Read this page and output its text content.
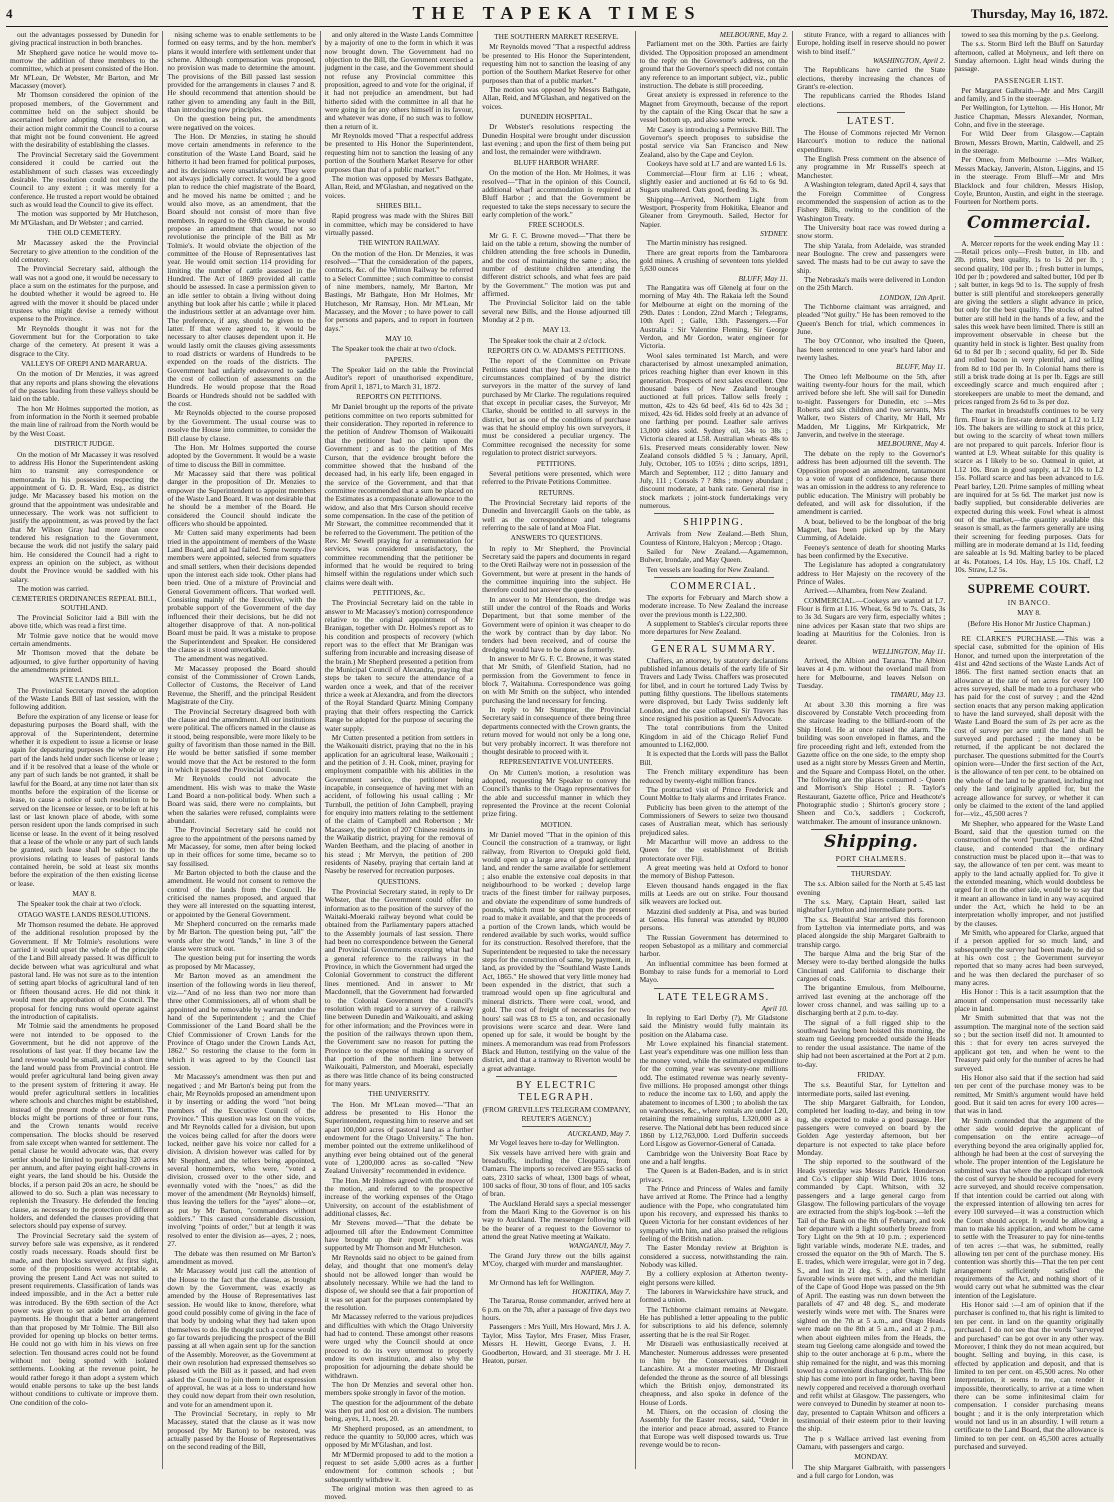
4	THE TAPEKA TIMES	Thursday, May 16, 1872.

out the advantages possessed by Dunedin for giving practical instruction in both branches.

Mr Shepherd gave notice he would move to-morrow the addition of three members to the committee, which at present consisted of the Hon. Mr M'Lean, Dr Webster, Mr Barton, and Mr Macassey (mover).

Mr Thomson considered the opinion of the proposed members, of the Government and committee held on the subject should be ascertained before adopting the resolution, as their action might commit the Council to a course that might not be found convenient. He agreed with the desirability of establishing the classes.

The Provincial Secretary said the Government considered it could be carried out the establishment of such classes was exceedingly desirable. The resolution could not commit the Council to any extent ; it was merely for a conference. He trusted a report would be obtained such as would lead the Council to give its effect.

The motion was supported by Mr Hutcheson, Mr M'Glashan, and Dr Webster ; and carried.

THE OLD CEMETERY.

Mr Macassey asked the the Provincial Secretary to give attention to the condition of the old cemetery.

The Provincial Secretary said, although the wall was not a good one, it would be necessary to place a sum on the estimates for the purpose, and he doubted whether it would be agreed to. He agreed with the mover it should be placed under trustees who might devise a remedy without expense to the Province.

Mr Reynolds thought it was not for the Government but for the Corporation to take charge of the cemetery. At present it was a disgrace to the City.

VALLEYS OF OREPI AND MARARUA.

On the motion of Dr Menzies, it was agreed that any reports and plans showing the elevations of the passes leading from these valleys should be laid on the table.

The hon Mr Holmes supported the motion, as from information in the North it seemed probable the main line of railroad from the North would be by the West Coast.

DISTRICT JUDGE.

On the motion of Mr Macassey it was resolved to address His Honor the Superintendent asking him to transmit any correspondence or memoranda in his possession respecting the appointment of G. D. R. Ward, Esq., as district judge. Mr Macassey based his motion on the ground that the appointment was undesirable and unnecessary. The work was not sufficient to justify the appointment, as was proved by the fact that Mr Wilson Gray had more than once tendered his resignation to the Government, because the work did not justify the salary paid him. He considered the Council had a right to express an opinion on the subject, as without doubt the Province would be saddled with his salary.

The motion was carried.

CEMETERIES ORDINANCES REPEAL BILL, SOUTHLAND.

The Provincial Solicitor laid a Bill with the above title, which was read a first time.

Mr Tolmie gave notice that he would move certain amendments.

Mr Thomson moved that the debate be adjourned, to give further opportunity of having the amendments printed.

WASTE LANDS BILL.

The Provincial Secretary moved the adoption of the Waste Lands Bill of last session, with the following addition.

Before the expiration of any license or lease for depasturing purposes the Board shall, with the approval of the Superintendent, determine whether it is expedient to issue a license or lease again for depasturing purposes the whole or any part of the lands held under such license or lease ; and if it be resolved that a lease of the whole or any part of such lands be not granted, it shall be lawful for the Board, at any time not later than six months before the expiration of the license or lease, to cause a notice of such resolution to be served on the licensee or lessee, or to be left at his last or last known place of abode, with some person resident upon the lands comprised in such license or lease. In the event of it being resolved that a lease of the whole or any part of such lands be granted, such lease shall be subject to the provisions relating to leases of pastoral lands contained herein, be sold at least six months before the expiration of the then existing license or lease.

MAY 8.

The Speaker took the chair at two o'clock.

OTAGO WASTE LANDS RESOLUTIONS.

Mr Thomson resumed the debate. He approved of the additional resolution proposed by the Government. If Mr Tolmie's resolutions were carried it would upset the whole of the principle of the Land Bill already passed. It was difficult to decide between what was agricultural and what pastoral land. He was not sure as to the intention of setting apart blocks of agricultural land of ten or fifteen thousand acres. He did not think it would meet the approbation of the Council. The proposal for fencing runs would operate against the introduction of capitalists.

Mr Tolmie said the amendments he proposed were not intended to be opposed to the Government, but he did not approve of the resolutions of last year. If they became law the land revenue would be small, and in a short time the land would pass from Provincial control. He would prefer agricultural land being given away to the present system of frittering it away. He would prefer agricultural settlers in localities where schools and churches might be established, instead of the present mode of settlement. The blocks might be portions of three or four runs, and the Crown tenants would receive compensation. The blocks should be reserved from sale except when wanted for settlement. The penal clause he would advocate was, that every settler should be limited to purchasing 320 acres per annum, and after paying eight half-crowns in eight years, the land should be his. Outside the blocks, if a person paid 20s an acre, he should be allowed to do so. Such a plan was necessary to replenish the Treasury. He defended the fencing clause, as necessary to the protection of different holders, and defended the clauses providing that selectors should pay expense of survey.

The Provincial Secretary said the system of survey before sale was expensive, as it rendered costly roads necessary. Roads should first be made, and then blocks surveyed. At first sight, some of the propositions were acceptable, as proving the present Land Act was not suited to present requirements. Classification of lands was indeed impossible, and in the Act a better rule was introduced. By the 69th section of the Act power was given to set aside land on deferred payments. He thought that a better arrangement than that proposed by Mr Tolmie. The Bill also provided for opening up blocks on better terms. He could not go with him in his views on free selection. Ten thousand acres could not be found without not being spotted with isolated settlements. Looking at the revenue point, he would rather forego it than adopt a system which would enable persons to take up the best lands without conditions to cultivate or improve them. One condition of the colo-

nising scheme was to enable settlements to be formed on easy terms, and by the hon. member's plans it would interfere with settlement under that scheme. Although compensation was proposed, no provision was made to determine the amount. The provisions of the Bill passed last session provided for the arrangements in clauses 7 and 8. He should recommend that attention should be rather given to amending any fault in the Bill, than introducing new principles.

On the question being put, the amendments were negatived on the voices.

The Hon. Dr Menzies, in stating he should move certain amendments in reference to the constitution of the Waste Land Board, said he hitherto it had been framed for political purposes, and its decisions were unsatisfactory. They were not always judicially correct. It would be a good plan to reduce the chief magistrate of the Board, and he moved his name be omitted ; and he would also move, as an amendment, that the Board should not consist of more than five members. In regard to the 69th clause, he would propose an amendment that would not so revolutionise the principle of the Bill as Mr Tolmie's. It would obviate the objection of the committee of the House of Representatives last year. He would omit section 114 providing for limiting the number of cattle assessed in the Hundred. The Act of 1869 provided all cattle should be assessed. In case a permission given to an idle settler to obtain a living without doing anything but look after his cattle ; while it placed the industrious settler at an advantage over him. The preference, if any, should be given to the latter. If that were agreed to, it would be necessary to alter clauses dependent upon it. He would lastly omit the clauses giving assessments to road districts or wardens of Hundreds to be expended on the roads of the districts. The Government had unfairly endeavored to saddle the cost of collection of assessments on the Hundreds. He would propose that the Road Boards or Hundreds should not be saddled with the cost.

Mr Reynolds objected to the course proposed by the Government. The usual course was to resolve the House into committee, to consider the Bill clause by clause.

The Hon. Mr Holmes supported the course adopted by the Government. It would be a waste of time to discuss the Bill in committee.

Mr Macassey said that there was political danger in the proposition of Dr. Menzies to empower the Superintendent to appoint members of the Waste Land Board. It was not desirable that he should be a member of the Board. He considered the Council should indicate the officers who should be appointed.

Mr Cutten said many experiments had been tried in the appointment of members of the Waste Land Board, and all had failed. Some twenty-five members were appointed, selected from squatters and small settlers, when their decisions depended upon the interest each side took. Other plans had been tried. One of a mixture of Provincial and General Government officers. That worked well. Consisting mainly of the Executive, with the probable support of the Government of the day influenced their their decisions, but he did not altogether disapprove of that. A non-political Board must be paid. It was a mistake to propose the Superintendent and Speaker. He considered the clause as it stood unworkable.

The amendment was negatived.

Mr Macassey proposed the Board should consist of the Commissioner of Crown Lands, Collector of Customs, the Receiver of Land Revenue, the Sheriff, and the principal Resident Magistrate of the City.

The Provincial Secretary disagreed both with the clause and the amendment. All our institutions were political. The officers named in the clause as it stood, being responsible, were more likely to be guilty of favoritism than those named in the Bill. He would be better satisfied if some member would move that the Act be restored to the form in which it passed the Provincial Council.

Mr Reynolds could not advocate the amendment. His wish was to make the Waste Land Board a non-political body. When such a Board was said, there were no complaints, but when the salaries were refused, complaints were abundant.

The Provincial Secretary said he could not agree to the appointment of the persons named by Mr Macassey, for some, men after being locked up in their offices for some time, became so to say fossilised.

Mr Barton objected to both the clause and the amendment. He would not consent to remove the control of the lands from the Council. He criticised the names proposed, and argued that they were all interested on the squatting interest, or appointed by the General Government.

Mr Shepherd concurred on the remarks made by Mr Barton. The question being put, "all" the words after the word "lands," in line 3 of the clause were struck out.

The question being put for inserting the words as proposed by Mr Macassey,

Mr Barton moved as an amendment the insertion of the following words in lieu thereof, viz—"And of no less than two nor more than three other Commissioners, all of whom shall be appointed and be removable by warrant under the hand of the Superintendent ; and the Chief Commissioner of the Land Board shall be the Chief Commissioner of Crown Lands for the Province of Otago under the Crown Lands Act, 1862." So restoring the clause to the form in which it was agreed to by the Council last session.

Mr Macassey's amendment was then put and negatived ; and Mr Barton's being put from the chair, Mr Reynolds proposed an amendment upon it by inserting or adding the word "not being members of the Executive Council of the Province." This question was lost on the voices, and Mr Reynolds called for a division, but upon the voices being called for after the doors were locked, neither gave his voice nor called for a division. A division however was called for by Mr Shepherd, and the tellers being appointed, several honmembers, who were, "voted a division, crossed over to the other side, and eventually voted with the "noes," as did the mover of the amendment (Mr Reynolds) himself, thus leaving the tellers for the "ayes" alone—or, as put by Mr Barton, "commanders without soldiers." This caused considerable discussion, involving "points of order," but at length it was resolved to enter the division as—ayes, 2 ; noes, 27.

The debate was then resumed on Mr Barton's amendment as moved.

Mr Macassey would just call the attention of the House to the fact that the clause, as brought down by the Government, was exactly as amended by the House of Representatives last session. He would like to know, therefore, what good could possibly come of giving in the face of that body by undoing what they had taken upon themselves to do. He thought such a course would go far towards prejudicing the prospect of the Bill passing at all when again sent up for the sanction of the Assembly. Moreover, as the Government at their own resolution had expressed themselves so pleased with the Bill as it passed, and had even asked the Council to join them in that expression of approval, he was at a loss to understand how they could now depart from their own resolution, and vote for an amendment upon it.

The Provincial Secretary, in reply to Mr Macassey, stated that the clause as it was now proposed (by Mr Barton) to be restored, was actually passed by the House of Representatives on the second reading of the Bill,

and only altered in the Waste Lands Committee by a majority of one to the form in which it was now brought down. The Government had no objection to the Bill, the Government exercised a judgment in the case, and the Government should not refuse any Provincial committee this proposition, agreed to and vote for the original, if it had not prejudice an amendment, but had hitherto sided with the committee in all that he were going in for any others himself in its favour, and whatever was done, if no such was to follow then a return of it.

Mr Reynolds moved "That a respectful address be presented to His Honor the Superintendent, requesting him not to sanction the leasing of any portion of the Southern Market Reserve for other purposes than that of a public market."

The motion was opposed by Messrs Bathgate, Allan, Reid, and M'Glashan, and negatived on the voices.

SHIRES BILL.

Rapid progress was made with the Shires Bill in committee, which may be considered to have virtually passed.

THE WINTON RAILWAY.

On the motion of the Hon. Dr Menzies, it was resolved—"That the consideration of the papers, contracts, &c. of the Winton Railway be referred to a Select Committee ; such committee to consist of nine members, namely, Mr Barton, Mr Bastings, Mr Bathgate, Hon Mr Holmes, Mr Hutcheson, Mr Ramsay, Hon. Mr M'Lean, Mr Macassey, and the Mover ; to have power to call for persons and papers, and to report in fourteen days."

MAY 10.

The Speaker took the chair at two o'clock.

PAPERS.

The Speaker laid on the table the Provincial Auditor's report of unauthorised expenditure, from April 1, 1871, to March 31, 1872.

REPORTS ON PETITIONS.

Mr Daniel brought up the reports of the private petitions committee on two reports submitted for their consideration. They reported in reference to the petition of Andrew Thomson of Waikouaiti that the petitioner had no claim upon the Government ; and as to the petition of Mrs Curson, that the evidence brought before the committee showed that the husband of the deceased had, in his early life, been engaged in the service of the Government, and that that committee recommended that a sum be placed on the Estimates as a compassionate allowance to the widow, and also that Mrs Curson should receive some compensation. In the case of the petition of Mr Stewart, the committee recommended that it be referred to the Government. The petition of the Rev. Mr Sewell praying for a remuneration for services, was considered unsatisfactory, the committee recommending that the petitioner be informed that he would be required to bring himself within the regulations under which such claims were dealt with.

PETITIONS, &c.

The Provincial Secretary laid on the table in answer to Mr Macassey's motion) correspondence relative to the original appointment of Mr Branigan, together with Dr. Holmes's report as to his condition and prospects of recovery (which report was to the effect that Mr Branigan was suffering from incurable and increasing disease of the brain.) Mr Shepherd presented a petition from the Municipal Council of Alexandra, praying that steps be taken to secure the attendance of a warden once a week, and that of the receiver thrice a week at Alexandra, and from the directors of the Royal Standard Quartz Mining Company praying that their offers respecting the Carrick Range be adopted for the purpose of securing the water supply.

Mr Cutten presented a petition from settlers in the Waikouaiti district, praying that no the in his application for an agricultural lease, Waikouaiti ; and the petition of J. H. Cook, miner, praying for employment compatible with his abilities in the Government service, the petitioner being incapable, in consequence of having met with an accident, of following his usual calling ; Mr Turnbull, the petition of John Campbell, praying for enquiry into matters relating to the settlement of the claim of Campbell and Robertson ; Mr Macassey, the petition of 207 Chinese residents in the Waikatip district, praying for the removal of Warden Beetham, and the placing of another in his stead ; Mr Mervyn, the petition of 200 residents of Naseby, praying that certain land at Naseby be reserved for recreation purposes.

QUESTIONS.

The Provincial Secretary stated, in reply to Dr Webster, that the Government could offer no information as to the position of the survey of the Waitaki-Moeraki railway beyond what could be obtained from the Parliamentary papers attached to the Assembly journals of last session. There had been no correspondence between the General and Provincial Governments excepting what had a general reference to the railways in the Province, in which the Government had urged the Colonial Government to construct the different lines mentioned. And in answer to Mr Macdonnell, that the Government had forwarded to the Colonial Government the Council's resolution with regard to a survey of a railway line between Dunedin and Waikouaiti, and asking for other information; and the Provinces were in the position of the railways thrown upon them, the Government saw no reason for putting the Province to the expense of making a survey of that portion of the northern line between Waikouaiti, Palmerston, and Moeraki, especially as there was little chance of its being constructed for many years.

THE UNIVERSITY.

The Hon. Mr M'Lean moved—"That an address be presented to His Honor the Superintendent, requesting him to reserve and set apart 100,000 acres of pastoral land as a further endowment for the Otago University." The hon. member pointed out the extreme unlikelihood of anything ever being obtained out of the general vote of 1,200,000 acres as so-called "New Zealand University" recommended in evidence.

The Hon. Mr Holmes agreed with the mover of the motion, and referred to the prospective increase of the working expenses of the Otago University, on account of the establishment of additional classes, &c.

Mr Stevens moved—"That the debate be adjourned till after the Endowment Committee have brought up their report," which was supported by Mr Thomson and Mr Hutcheson.

Mr Reynolds said no object to be gained from delay, and thought that one moment's delay should not be allowed longer than would be absolutely necessary. While we had the land to dispose of, we should see that a fair proportion of it was set apart for the purposes contemplated by the resolution.

Mr Macassey referred to the various prejudices and difficulties with which the Otago University had had to contend. These amongst other reasons were urged why the Council should at once proceed to do its very uttermost to properly endow its own institution, and also why the proposition for adjourning the debate should be withdrawn.

The hon Dr Menzies and several other hon. members spoke strongly in favor of the motion.

The question for the adjournment of the debate was then put and lost on a division. The numbers being, ayes, 11, noes, 20.

Mr Shepherd proposed, as an amendment, to reduce the quantity to 50,000 acres, which was opposed by Mr M'Glashan, and lost.

Mr M'Dermid proposed to add to the motion a request to set aside 5,000 acres as a further endowment for common schools ; but subsequently withdrew it.

The original motion was then agreed to as moved.

THE SOUTHERN MARKET RESERVE.

Mr Reynolds moved "That a respectful address be presented to His Honor the Superintendent, requesting him not to sanction the leasing of any portion of the Southern Market Reserve for other purposes than that of a public market."

The motion was opposed by Messrs Bathgate, Allan, Reid, and M'Glashan, and negatived on the voices.

DUNEDIN HOSPITAL.

Dr Webster's resolutions respecting the Dunedin Hospital were brought under discussion last evening ; and upon the first of them being put and lost, the remainder were withdrawn.

BLUFF HARBOR WHARF.

On the motion of the Hon. Mr Holmes, it was resolved—"That in the opinion of this Council, additional wharf accommodation is required at Bluff Harbor ; and that the Government be requested to take the steps necessary to secure the early completion of the work."

FREE SCHOOLS.

Mr G. F. C. Browne moved—"That there be laid on the table a return, showing the number of children attending the free schools in Dunedin, and the cost of maintaining the same ; also, the number of destitute children attending the different district schools, and what fees are paid by the Government." The motion was put and affirmed.

The Provincial Solicitor laid on the table several new Bills, and the House adjourned till Monday at 2 p m.

MAY 13.

The Speaker took the chair at 2 o'clock.

REPORTS ON O. W. ADAMS'S PETITIONS.

The report of the Committee on Private Petitions stated that they had examined into the circumstances complained of by the district surveyors in the matter of the survey of land purchased by Mr Clarke. The regulations required that except in peculiar cases, the Surveyor, Mr Clarke, should be entitled to all surveys in the district, but as one of the conditions of purchase was that he should employ his own surveyors, it must be considered a peculiar urgency. The Committee recognised the necessity for some regulation to protect district surveyors.

PETITIONS.

Several petitions were presented, which were referred to the Private Petitions Committee.

RETURNS.

The Provincial Secretary laid reports of the Dunedin and Invercargill Gaols on the table, as well as the correspondence and telegrams referring to the sale of land at Moa Flat.

ANSWERS TO QUESTIONS.

In reply to Mr Shepherd, the Provincial Secretary said the papers and documents in regard to the Oreti Railway were not in possession of the Government, but were at present in the hands of the committee inquiring into the subject. He therefore could not answer the question.

In answer to Mr Henderson, the dredge was still under the control of the Roads and Works Department, but that some member of the Government were of opinion it was cheaper to do the work by contract than by day labor. No tenders had been received, and of course the dredging would have to be done as formerly.

In answer to Mr G. F. C. Browne, it was stated that Mr Smith, of Glenfield Station, had no permission from the Government to fence in block 7, Waitahuna. Correspondence was going on with Mr Smith on the subject, who intended purchasing the land necessary for fencing.

In reply to Mr Stumpter, the Provincial Secretary said in consequence of there being three departments connected with the Crown grants, the return moved for would not only be a long one, but very probably incorrect. It was therefore not thought desirable to proceed with it.

REPRESENTATIVE VOLUNTEERS.

On Mr Cutten's motion, a resolution was adopted, requesting Mr Speaker to convey the Council's thanks to the Otago representatives for the able and successful manner in which they represented the Province at the recent Colonial prize firing.

MOTION.

Mr Daniel moved "That in the opinion of this Council the construction of a tramway, or light railway, from Riverton to Orepuki gold field, would open up a large area of good agricultural land, and render the same available for settlement ; also enable the extensive coal deposits in that neighbourhood to be worked ; develop large tracts of the finest timber for railway purposes, and obviate the expenditure of some hundreds of pounds, which must be spent upon the present road to make it available, and that the proceeds of a portion of the Crown lands, which would be rendered available by such works, would suffice for its construction. Resolved therefore, that the Superintendent be requested to take the necessary steps for the construction of same, by payment, in land, as provided by the "Southland Waste Lands Act, 1865." He showed that very little money had been expended in the district, that such a tramroad would open up fine agricultural and mineral districts. There were coal, wood, and gold. The cost of freight of necessaries for two hours' sail was £8 to £5 a ton, and occasionally provisions were scarce and dear. Were land opened up for sale, it would be bought by the miners. A memorandum was read from Professors Black and Hutton, testifying on the value of the district, and that a tramway to Riverton would be a great advantage.

BY ELECTRIC TELEGRAPH.
(FROM GREVILLE'S TELEGRAM COMPANY, REUTER'S AGENCY.)

AUCKLAND, May 7.

Mr Vogel leaves here to-day for Wellington.

Six vessels have arrived here with grain and breadstuffs, including the Cleopatra, from Oamaru. The imports so received are 955 sacks of oats, 2310 sacks of wheat, 1300 bags of wheat, 100 sacks of flour, 30 tons of flour, and 105 sacks of bran.

The Auckland Herald says a special messenger from the Maori King to the Governor is on his way to Auckland. The messenger following will be the bearer of a request to the Governor to attend the great Native meeting at Waikato.

WANGANUI, May 7.

The Grand Jury threw out the bills against M'Coy, charged with murder and manslaughter.

NAPIER, May 7.

Mr Ormond has left for Wellington.

HOKITIKA, May 7.

The Tararua, Rouse commander, arrived here at 6 p.m. on the 7th, after a passage of five days two hours.

Passengers : Mrs Yuill, Mrs Howard, Mrs J. A. Taylor, Miss Taylor, Mrs Fraser, Miss Fraser, Messrs H. Hewitt, George Evans, J. H. Goodberton, Howard, and 31 steerage. Mr J. H. Heaton, purser.

MELBOURNE, May 2.

Parliament met on the 30th. Parties are fairly divided. The Opposition proposed an amendment to the reply on the Governor's address, on the ground that the Governor's speech did not contain any reference to an important subject, viz., public instruction. The debate is still proceeding.

Great anxiety is expressed in reference to the Magnet from Greymouth, because of the report by the captain of the King Oscar that he saw a vessel bottom up, and also some wreck.

Mr Casey is introducing a Permissive Bill. The Governor's speech proposes to subsidise the postal service via San Francisco and New Zealand, also by the Cape and Ceylon.

Cookeys have sold at L7 and are wanted L6 1s.

Commercial—Flour firm at L16 ; wheat, slightly easier and auctioned at 6s 6d to 6s 9d. Sugars unaltered. Oats good, feeding 3s.

Shipping—Arrived, Northern Light from Westport, Prosperity from Hokitika, Eleanor and Gleaner from Greymouth. Sailed, Hector for Napier.

SYDNEY.

The Martin ministry has resigned.

There are great reports from the Tambaroora gold mines. A crushing of seventeen tons yielded 5,630 ounces

BLUFF, May 11.

The Rangatira was off Glenelg at four on the morning of May 4th. The Rakaia left the Sound for Melbourne at eight on the morning of the 29th. Dates : London, 22nd March ; Telegrams, 10th April ; Galle, 13th. Passengers.—For Australia : Sir Valentine Fleming, Sir George Verdon, and Mr Gordon, water engineer for Victoria.

Wool sales terminated 1st March, and were characterised by almost unexampled animation, prices reaching higher than ever known in this generation. Prospects of next sales excellent. One thousand bales of New Zealand brought auctioned at full prices. Tallow sells freely ; mutton, 42s to 42s 6d beef, 41s 6d to 42s 3d ; mixed, 42s 6d. Hides sold freely at an advance of one farthing per pound. Leather sale arrives 13,000 sides sold. Sydney oil, 34s to 38s ; Victoria cleared at L58. Australian wheats 48s to 61s. Preserved meats considerably lower. New Zealand consols diddled 5 ¾ ; January, April, July, October, 105 to 105¼ ; ditto scrips, 1891, March and September, 112 ; ditto January and July, 111 ; Consols 7 ? 8ths ; money abundant ; discount moderate, at bank rate. General rise in stock markets ; joint-stock fundertakings very numerous.

SHIPPING.

Arrivals from New Zealand.—Beth Shun, Countess of Kintore, Halcyon ; Mercop ; Otago.

Sailed for New Zealand.—Agamemnon, Bulwer, Irondale, and May Queen.

Ten vessels are loading for New Zealand.

COMMERCIAL.

The exports for February and March show a moderate increase. To New Zealand the increase over the previous month is L22,300.

A supplement to Stables's circular reports three more departures for New Zealand.

GENERAL SUMMARY.

Chaffers, an attorney, by statutory declarations published infamous details of the early life of Sir Travers and Lady Twiss. Chaffers was prosecuted for libel, and in court he tortured Lady Twiss by putting filthy questions. The libellous statements were disproved, but Lady Twiss suddenly left London, and the case collapsed. Sir Travers has since resigned his position as Queen's Advocate.

The total contributions from the United Kingdom in aid of the Chicago Relief Fund amounted to L162,000.

It is expected that the Lords will pass the Ballot Bill.

The French military expenditure has been reduced by twenty-eight million francs.

The protracted visit of Prince Frederick and Count Moltke to Italy alarms and irritates France.

Publicity has been given to the attempt of the Commissioners of Sewers to seize two thousand cases of Australian meat, which has seriously prejudiced sales.

Mr Macarthur will move an address to the Queen for the establishment of British protectorate over Fiji.

A great meeting was held at Oxford to honor the memory of Bishop Patteson.

Eleven thousand hands engaged in the flax mills at Leeds are out on strike. Four thousand silk weavers are locked out.

Mazzini died suddenly at Pisa, and was buried at Genoa. His funeral was attended by 80,000 persons.

The Russian Government has determined to reopen Sebastopol as a military and commercial harbor.

An influential committee has been formed at Bombay to raise funds for a memorial to Lord Mayo.

LATE TELEGRAMS.

April 10.

In replying to Earl Derby (?), Mr Gladstone said the Ministry would fully maintain its position on the Alabama case.

Mr Lowe explained his financial statement. Last year's expenditure was one million less than the money voted, while the estimated expenditure for the coming year was seventy-one millions odd. The estimated revenue was nearly seventy-five millions. He proposed amongst other things to reduce the income tax to L60, and apply the abatement to incomes of L300 ; to abolish the tax on warehouses, &c., where rentals are under L20, retaining the remaining surplus, L320,000 as a reserve. The National debt has been reduced since 1860 by L12,763,000. Lord Dufferin succeeds Lord Lisgow as Governor-General of Canada.

Cambridge won the University Boat Race by one and a half lengths.

The Queen is at Baden-Baden, and is in strict privacy.

The Prince and Princess of Wales and family have arrived at Rome. The Prince had a lengthy audience with the Pope, who congratulated him upon his recovery, and expressed his thanks to Queen Victoria for her constant evidences of her sympathy with him, and also praised the religious feeling of the British nation.

The Easter Monday review at Brighton is considered a success, notwithstanding the rain. Nobody was killed.

By a colliery explosion at Atherton twenty-eight persons were killed.

The laborers in Warwickshire have struck, and formed a union.

The Tichborne claimant remains at Newgate. He has published a letter appealing to the public for subscriptions to aid his defence, solemnly asserting that he is the real Sir Roger.

Mr Disraeli was enthusiastically received at Manchester. Numerous addresses were presented to him by the Conservatives throughout Lancashire. At a monster meeting, Mr Disraeli defended the throne as the source of all blessings which the British enjoy, demonstrated its cheapness, and also spoke in defence of the House of Lords.

M. Thiers, on the occasion of closing the Assembly for the Easter recess, said, "Order in the interior and peace abroad, assured to France that Europe was well disposed towards us. True revenge would be to recon-

stitute France, with a regard to alliances with Europe, holding itself in reserve should no power wish to bind itself."

WASHINGTON, April 2.

The Republicans have carried the State elections, thereby increasing the chances of Grant's re-election.

The republicans carried the Rhodes Island elections.

LATEST.

The House of Commons rejected Mr Vernon Harcourt's motion to reduce the national expenditure.

The English Press comment on the absence of any programme in Mr Russell's speech at Manchester.

A Washington telegram, dated April 4, says that the Foreign Committee of Congress recommended the suspension of action as to the Fishery Bills, owing to the condition of the Washington Treaty.

The University boat race was rowed during a snow storm.

The ship Yatala, from Adelaide, was stranded near Boulogne. The crew and passengers were saved. The masts had to be cut away to save the ship.

The Nebraska's mails were delivered in London on the 25th March.

LONDON, 12th April.

The Tichborne claimant was arraigned, and pleaded "Not guilty." He has been removed to the Queen's Bench for trial, which commences in June.

The boy O'Connor, who insulted the Queen, has been sentenced to one year's hard labor and twenty lashes.

BLUFF, May 11.

The Omeo left Melbourne on the 5th, after waiting twenty-four hours for the mail, which arrived before she left. She will sail for Dunedin to-night. Passengers for Dunedin, etc :—Mrs Roberts and six children and two servants, Mrs Walker, two Sisters of Charity, Mr Hall, Mr Madden, Mr Liggins, Mr Kirkpatrick, Mr Janverin, and twelve in the steerage.

MELBOURNE, May 4.

The debate on the reply to the Governor's address has been adjourned till the seventh. The Opposition proposed an amendment, tantamount to a vote of want of confidence, because there was an omission in the address to any reference to public education. The Ministry will probably be defeated, and will ask for dissolution, if the amendment is carried.

A boat, believed to be the longboat of the brig Magnet, has been picked up by the Mary Cumming, of Adelaide.

Feeney's sentence of death for shooting Marks has been confirmed by the Executive.

The Legislature has adopted a congratulatory address to Her Majesty on the recovery of the Prince of Wales.

Arrived.—Alhambra, from New Zealand.

COMMERCIAL.—Cookeys are wanted at L7. Flour is firm at L16. Wheat, 6s 9d to 7s. Oats, 3s to 3s 3d. Sugars are very firm, especially whites ; nine advices per Kasan state that two ships are loading at Mauritius for the Colonies. Iron is dearer.

WELLINGTON, May 11.

Arrived, the Albion and Tararua. The Albion leaves at 4 p.m. without the overland mail from here for Melbourne, and leaves Nelson on Tuesday.

TIMARU, May 13.

At about 3.30 this morning a fire was discovered by Constable Vetch proceeding from the staircase leading to the billiard-room of the Ship Hotel. He at once raised the alarm. The building was soon enveloped in flames, and the fire proceeding right and left, extended from the Gazette office on the one side, to the empty shop used as a night store by Messrs Green and Mertin, and the Square and Compass Hotel, on the other. The following are the places consumed :- Queen and Morrison's Ship Hotel ; R. Taylor's Restaurant, Gazette office, Price and Heathcote's Photographic studio ; Shirton's grocery store ; Sheen and Co.'s, saddlers ; Cockcroft, watchmaker. The amount of insurance unknown.

Shipping.
PORT CHALMERS.

THURSDAY.

The s.s. Albion sailed for the North at 5.45 last evening

The s.s. Mary, Captain Heart, sailed last nightafter Lyttelton and intermediate ports.

The s.s. Beautiful Star arrived this forenoon from Lyttelton via intermediate ports, and was placed alongside the ship Margaret Galbraith to tranship cargo.

The barque Alma and the brig Star of the Mersey were to-day berthed alongside the hulks Cincinnati and California to discharge their cargoes of coals.

The brigantine Emulous, from Melbourne, arrived last evening at the anchorage off the lower cross channel, and was sailing up to a discharging berth at 2 p.m. to-day.

The signal of a full rigged ship to the southward having been hoisted this morning, the steam tug Geelong proceeded outside the Heads to render the usual assistance. The name of the ship had not been ascertained at the Port at 2 p.m. to-day.

FRIDAY.

The s.s. Beautiful Star, for Lyttelton and intermediate ports, sailed last evening.

The ship Margaret Galbraith, for London, completed her loading to-day, and being in tow tug, she expected to make a good passage. Her passengers were conveyed on board by the Golden Age yesterday afternoon, but her departure is not expected to take place before Monday.

The ship reported to the southward of the Heads yesterday was Messrs Patrick Henderson and Co.'s clipper ship Wild Deer, 1016 tons, commanded by Capt. Whitson, with 32 passengers and a large general cargo from Glasgow. The following particulars of the voyage are extracted from the ship's log-book :—left the Tail of the Bank on the 8th of February, and took her departure with a light southerly breeze from Tory Light on the 9th at 10 p.m. ; experienced light variable winds, moderate N.E. trades, and crossed the equator on the 9th of March. The S. E. trades, which were irregular, were got in 7 deg. S., and lost in 21 deg. S. ; after which light favorable winds were met with, and the meridian of the Cape of Good Hope was passed on the 9th of April. The easting was run down between the parallels of 47 and 48 deg. S., and moderate westerly winds were met with. The Snares were sighted on the 7th at 5 a.m., and Otago Heads were made on the 8th at 5 a.m., and at 2 p.m., when about eighteen miles from the Heads, the steam tug Geelong came alongside and towed the ship to the outer anchorage at 6 p.m., where the ship remained for the night, and was this morning towed to a convenient discharging berth. This fine ship has come into port in fine order, having been newly coppered and received a thorough overhaul and refit whilst at Glasgow. The passengers, who were conveyed to Dunedin by steamer at noon to-day, presented to Captain Whitson and officers a testimonial of their esteem prior to their leaving the ship.

The p s Wallace arrived last evening from Oamaru, with passengers and cargo.

MONDAY.

The ship Margaret Galbraith, with passengers and a full cargo for London, was

towed to sea this morning by the p.s. Geelong.

The s.s. Storm Bird left the Bluff on Saturday afternoon, called at Molyneux, and left there on Sunday afternoon. Light head winds during the passage.

PASSENGER LIST.

Per Margaret Galbraith—Mr and Mrs Cargill and family, and 5 in the steerage.

Per Wellington, for Lyttelton. — His Honor, Mr Justice Chapman, Messrs Alexander, Norman, Cohn, and five in the steerage.

For Wild Deer from Glasgow.—Captain Brown, Messrs Brown, Martin, Caldwell, and 25 in the steerage.

Per Omeo, from Melbourne :—Mrs Walker, Messrs Mackay, Janverin, Alston, Liggins, and 15 in the steerage. From Bluff—Mr and Mrs Blacklock and four children, Messrs Hislop, Coyle, Brunton, Austin, and eight in the steerage. Fourteen for Northern ports.

Commercial.

A. Mercer reports for the week ending May 11 :—Retail prices only—Fresh butter, in 1lb. and 2lb. prints, best quality, 1s to 1s 2d per lb. ; second quality, 10d per lb. ; fresh butter in lumps, 10d per lb ; powdered and salted butter, 10d per lb ; salt butter, in kegs 9d to 1s. The supply of fresh butter is still plentiful and storekeepers generally are giving the settlers a slight advance in price, but only for the best quality. The stocks of salted butter are still held in the hands of a few, and the sales this week have been limited. There is still an improvement observable in cheese but the quantity held in stock is lighter. Best quality from 6d to 8d per lb ; second quality, 6d per lb. Side and rolled bacon in very plentiful, and selling from 8d to 10d per lb. In Colonial hams there is still a brisk trade doing at 1s per lb. Eggs are still exceedingly scarce and much enquired after ; storekeepers are unable to meet the demand, and prices ranged from 2s 6d to 3s per doz.

The market in breadstuffs continues to be very firm. Flour is in first-rate demand at L12 to L12 10s. The bakers are willing to stock at this price, but owing to the scarcity of wheat town millers are not prepared to quit parcels. Inferior flour is wanted at L9. Wheat suitable for this quality is scarce as I likely to be so. Oatmeal in quiet, at L12 10s. Bran in good supply, at L2 10s to L2 15s. Pollard scarce and has been advanced to L6. Pearl barley, L20. Prime samples of milling wheat are inquired for at 5s 6d. The market just now is badly supplied, but considerable deliveries are expected during this week. Fowl wheat is almost out of the market,—the quantity available this season is small, as the farmers generally are using their screening for feeding purposes. Oats for milling are in moderate demand at 1s 11d, feeding are saleable at 1s 9d. Malting barley to be placed at 4s. Potatoes, L4 10s. Hay, L5 10s. Chaff, L2 10s. Straw, L2 5s.

SUPREME COURT.
IN BANCO.

MAY 8.

(Before His Honor Mr Justice Chapman.)

RE CLARKE'S PURCHASE.—This was a special case, submitted for the opinion of His Honor, and turned upon the interpretation of the 41st and 42nd sections of the Waste Lands Act of 1866. The first named section enacts that an allowance at the rate of ten acres for every 100 acres surveyed, shall be made to a purchaser who has paid for the cost of survey ; and the 42nd section enacts that any person making application to have the land surveyed, shall deposit with the Waste Land Board the sum of 2s per acre as the cost of survey per acre until the land shall be surveyed and purchased ; the money to be returned, if the applicant be not declared the purchaser. The questions submitted for the Court's opinion were—Under the first section of the Act, is the allowance of ten per cent. to be obtained on the whole of the land to be granted, including not only the land originally applied for, but the acreage allowance for survey, or whether it can only be claimed to the extent of the land applied for—viz., 45,500 acres ?

Mr Shepher, who appeared for the Waste Land Board, said that the question turned on the construction of the word "purchased," in the 42nd clause, and contended that the ordinary construction must be placed upon it—that was to say, the allowance of ten per cent. was meant to apply to the land actually applied for. To give it the extended meaning, which would doubtless be urged for it on the other side, would be to say that it meant an allowance in land in any way acquired under the Act, which he held to be an interpretation wholly improper, and not justified by the clauses.

Mr Smith, who appeared for Clarke, argued that if a person applied for so much land, and subsequently the survey had been made, he did so at his own cost ; the Government surveyor reported that so many acres had been surveyed, and he was then declared the purchaser of so many acres.

His Honor : This is a tacit assumption that the amount of compensation must necessarily take place in land.

Mr Smith submitted that that was not the assumption. The marginal note of the section said so ; but the section itself did not. It amounted to this : that for every ten acres surveyed the applicant got ten, and when he went to the Treasury paid only for the number of acres he had surveyed.

His Honor also said that if the section had said ten per cent of the purchase money was to be remitted, Mr Smith's argument would have held good. But it said ten acres for every 100 acres—that was in land.

Mr Smith contended that the argument of the other side would deprive the applicant of compensation on the entire acreage—of everything beyond the area originally applied for, although he had been at the cost of surveying the whole. The proper intention of the Legislature he submitted was that where the applicant undertook the cost of survey he should be recouped for every acre surveyed, and should receive compensation. If that intention could be carried out along with the expressed intention of allowing ten acres for every 100 surveyed—it was a construction which the Court should accept. It would be allowing a man to make his application, and whom he came to settle with the Treasurer to pay for nine-tenths of ten acres :—that was, he submitted, really allowing ten per cent of the purchase money. His contention was shortly this—That the ten per cent arrangement sufficiently satisfied the requirements of the Act, and nothing short of it would carry out what he submitted was the clear intention of the Legislature.

His Honor said :—I am of opinion that if the purchaser is confined to, that his right is limited to ten per cent. in land on the quantity originally purchased. I do not see that the words "surveyed and purchased" can be got over in any other way. Moreover, I think they do not mean acquired, but bought. Selling and buying, in this case, is effected by application and deposit, and that is limited to ten per cent. on 45,500 acres. No other interpretation, it seems to me, can render it impossible, theoretically, to arrive at a time when there can be some infinitesimal claim for compensation. I consider purchasing means bought ; and it is the only interpretation which would not land us in an absurdity. I will return a certificate to the Land Board, that the allowance is limited to ten per cent. on 45,500 acres actually purchased and surveyed.
